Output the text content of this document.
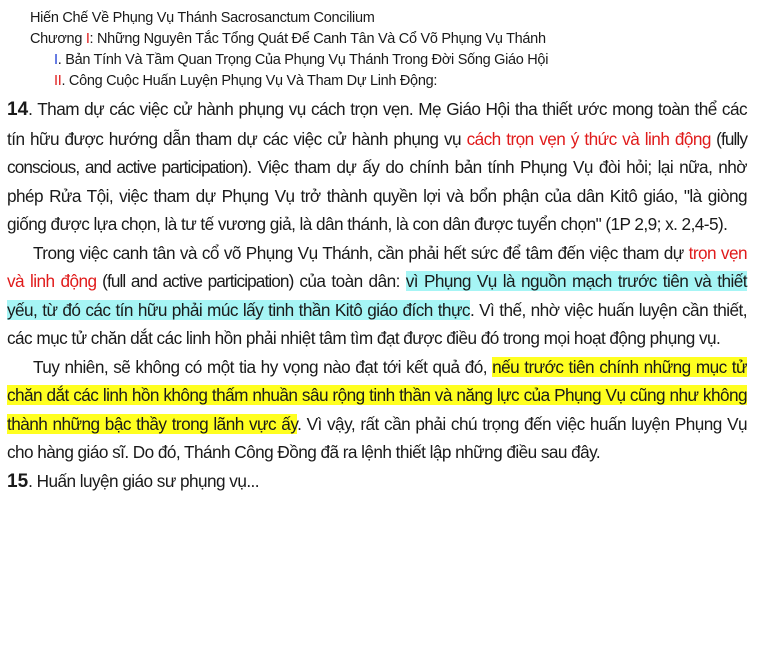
Hiến Chế Về Phụng Vụ Thánh Sacrosanctum Concilium
Chương I: Những Nguyên Tắc Tổng Quát Để Canh Tân Và Cổ Võ Phụng Vụ Thánh
I. Bản Tính Và Tầm Quan Trọng Của Phụng Vụ Thánh Trong Đời Sống Giáo Hội
II. Công Cuộc Huấn Luyện Phụng Vụ Và Tham Dự Linh Động:

14. Tham dự các việc cử hành phụng vụ cách trọn vẹn. Mẹ Giáo Hội tha thiết ước mong toàn thể các tín hữu được hướng dẫn tham dự các việc cử hành phụng vụ cách trọn vẹn ý thức và linh động (fully conscious, and active participation). Việc tham dự ấy do chính bản tính Phụng Vụ đòi hỏi; lại nữa, nhờ phép Rửa Tội, việc tham dự Phụng Vụ trở thành quyền lợi và bổn phận của dân Kitô giáo, "là giòng giống được lựa chọn, là tư tế vương giả, là dân thánh, là con dân được tuyển chọn" (1P 2,9; x. 2,4-5).

Trong việc canh tân và cổ võ Phụng Vụ Thánh, cần phải hết sức để tâm đến việc tham dự trọn vẹn và linh động (full and active participation) của toàn dân: vì Phụng Vụ là nguồn mạch trước tiên và thiết yếu, từ đó các tín hữu phải múc lấy tinh thần Kitô giáo đích thực. Vì thế, nhờ việc huấn luyện cần thiết, các mục tử chăn dắt các linh hồn phải nhiệt tâm tìm đạt được điều đó trong mọi hoạt động phụng vụ.

Tuy nhiên, sẽ không có một tia hy vọng nào đạt tới kết quả đó, nếu trước tiên chính những mục tử chăn dắt các linh hồn không thấm nhuần sâu rộng tinh thần và năng lực của Phụng Vụ cũng như không thành những bậc thầy trong lãnh vực ấy. Vì vậy, rất cần phải chú trọng đến việc huấn luyện Phụng Vụ cho hàng giáo sĩ. Do đó, Thánh Công Đồng đã ra lệnh thiết lập những điều sau đây.

15. Huấn luyện giáo sư phụng vụ...
